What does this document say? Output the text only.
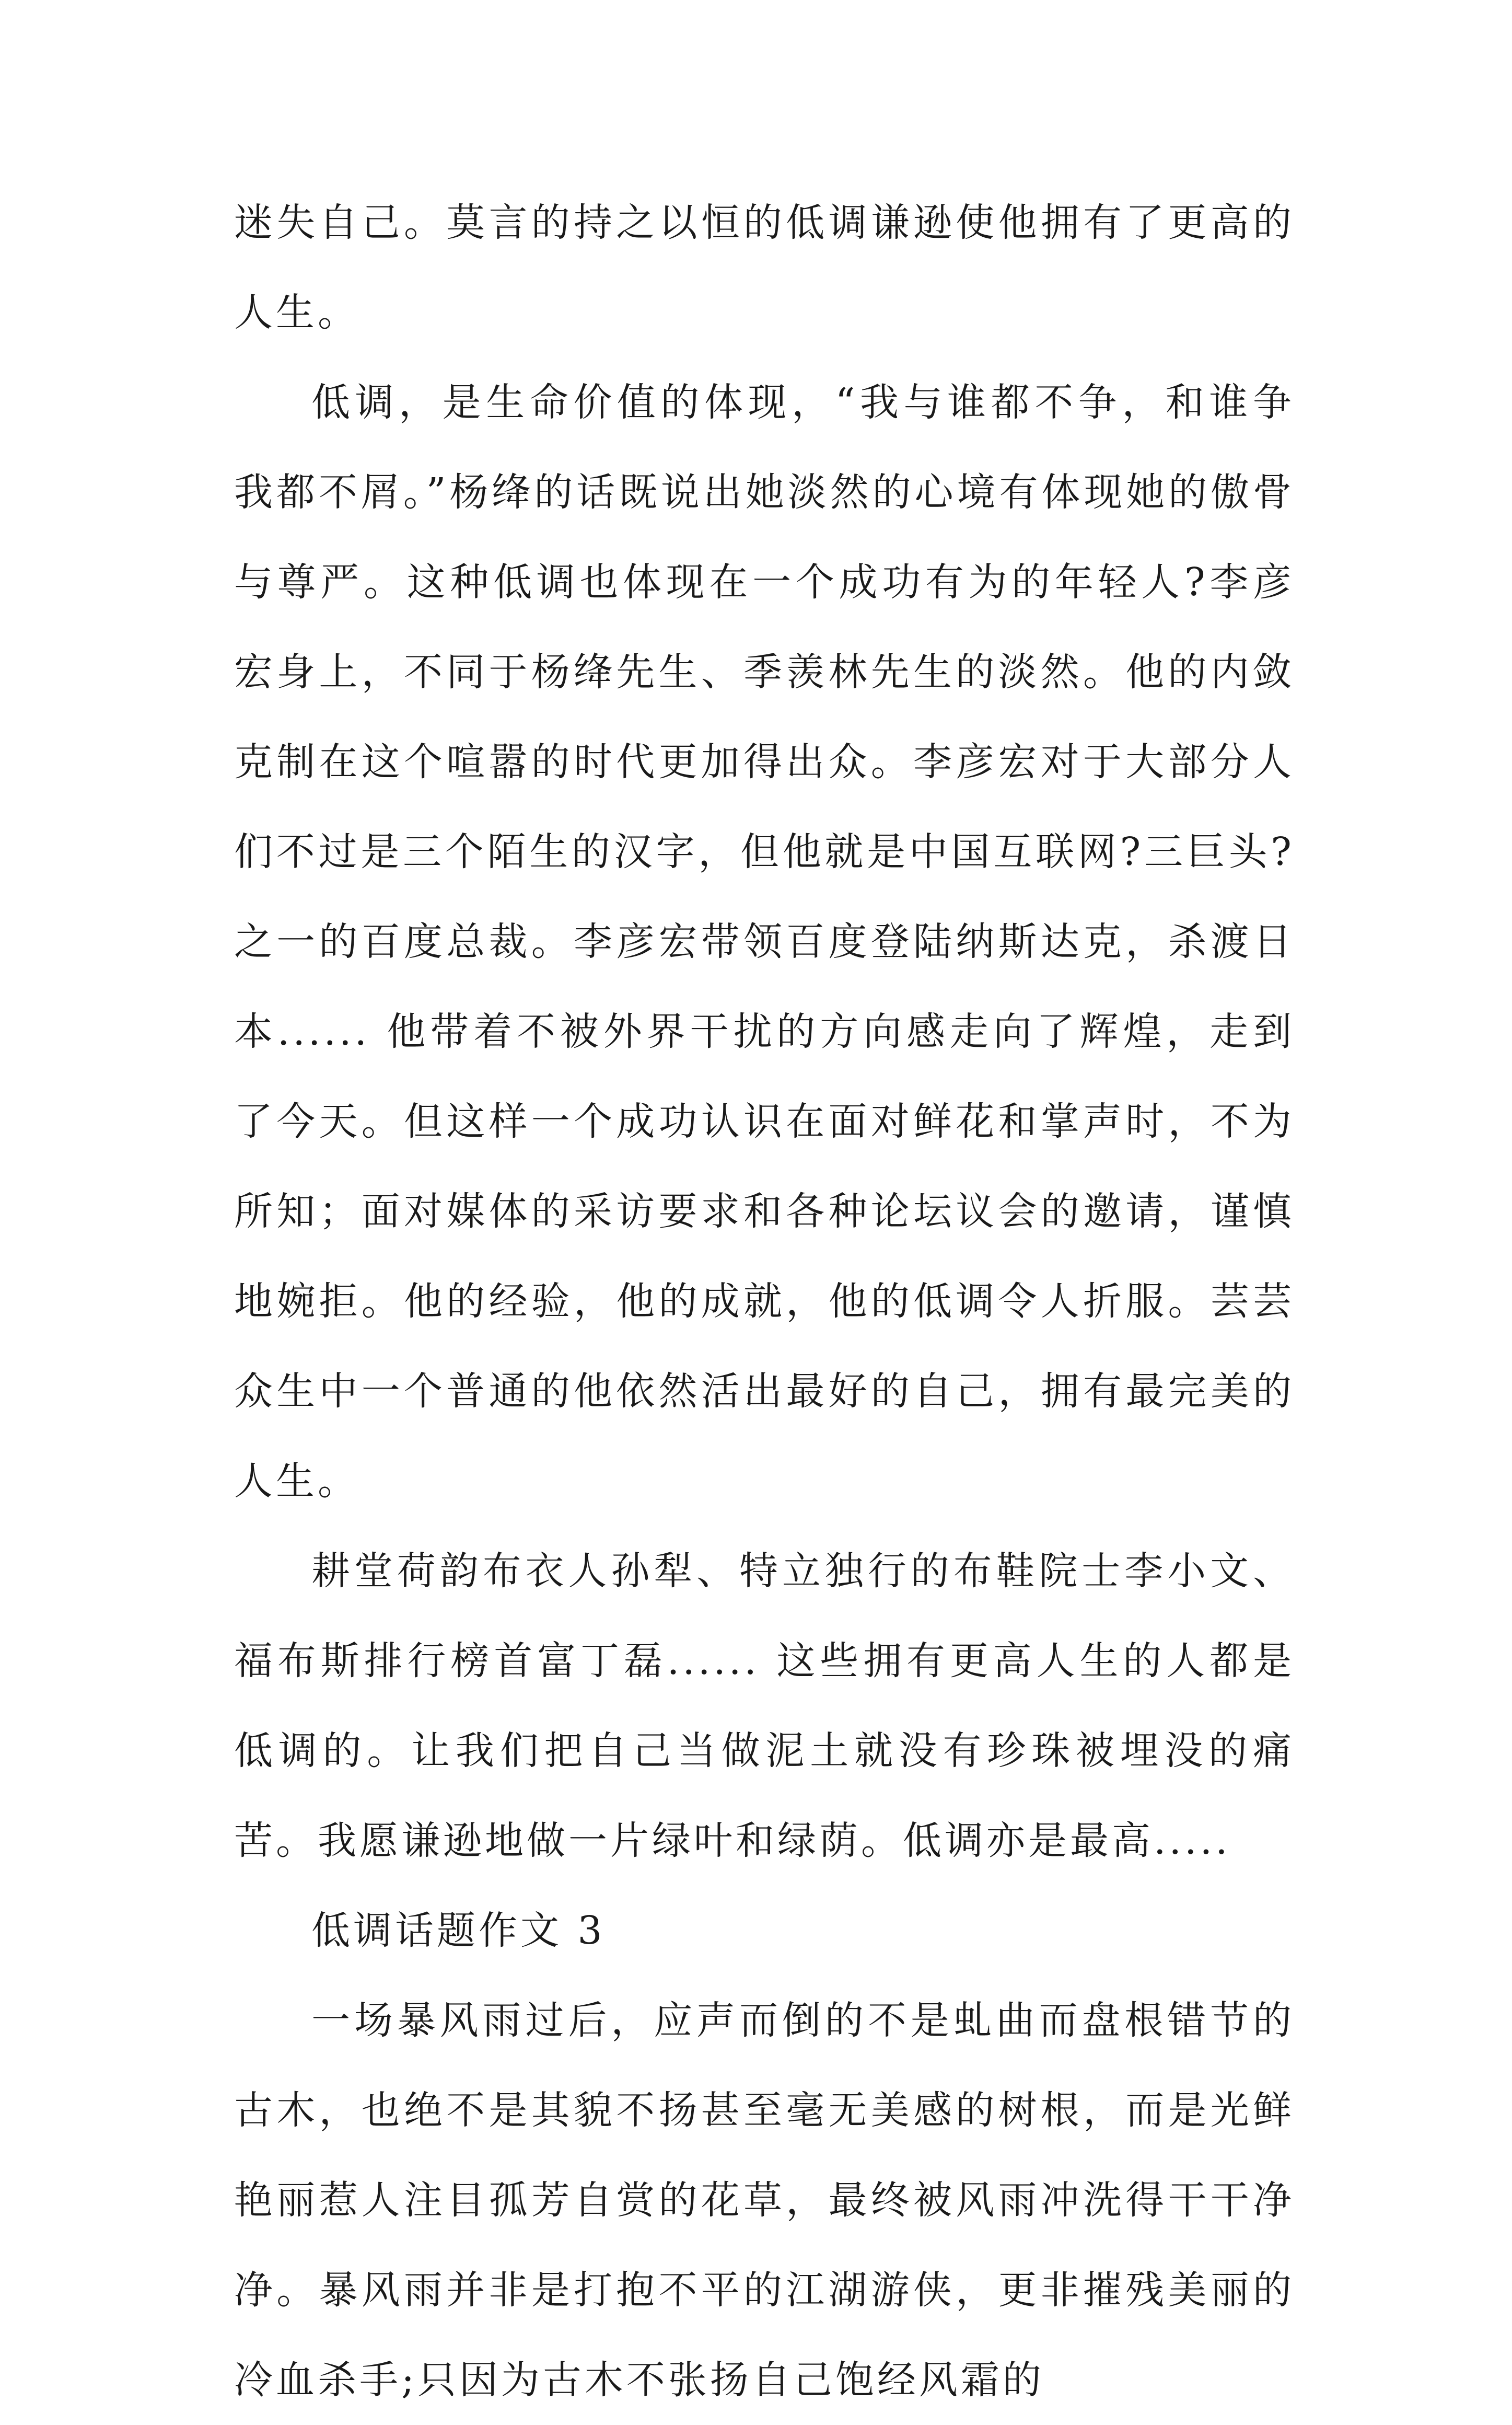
迷失自己。莫言的持之以恒的低调谦逊使他拥有了更高的人生。

低调，是生命价值的体现，“我与谁都不争，和谁争我都不屑。”杨绛的话既说出她淡然的心境有体现她的傲骨与尊严。这种低调也体现在一个成功有为的年轻人?李彦宏身上，不同于杨绛先生、季羡林先生的淡然。他的内敛克制在这个喧嚣的时代更加得出众。李彦宏对于大部分人们不过是三个陌生的汉字，但他就是中国互联网?三巨头?之一的百度总裁。李彦宏带领百度登陆纳斯达克，杀渡日本...... 他带着不被外界干扰的方向感走向了辉煌，走到了今天。但这样一个成功认识在面对鲜花和掌声时，不为所知；面对媒体的采访要求和各种论坛议会的邀请，谨慎地婉拒。他的经验，他的成就，他的低调令人折服。芸芸众生中一个普通的他依然活出最好的自己，拥有最完美的人生。

耕堂荷韵布衣人孙犁、特立独行的布鞋院士李小文、福布斯排行榜首富丁磊...... 这些拥有更高人生的人都是低调的。让我们把自己当做泥土就没有珍珠被埋没的痛苦。我愿谦逊地做一片绿叶和绿荫。低调亦是最高.....

低调话题作文 3

一场暴风雨过后，应声而倒的不是虬曲而盘根错节的古木，也绝不是其貌不扬甚至毫无美感的树根，而是光鲜艳丽惹人注目孤芳自赏的花草，最终被风雨冲洗得干干净净。暴风雨并非是打抱不平的江湖游侠，更非摧残美丽的冷血杀手;只因为古木不张扬自己饱经风霜的
